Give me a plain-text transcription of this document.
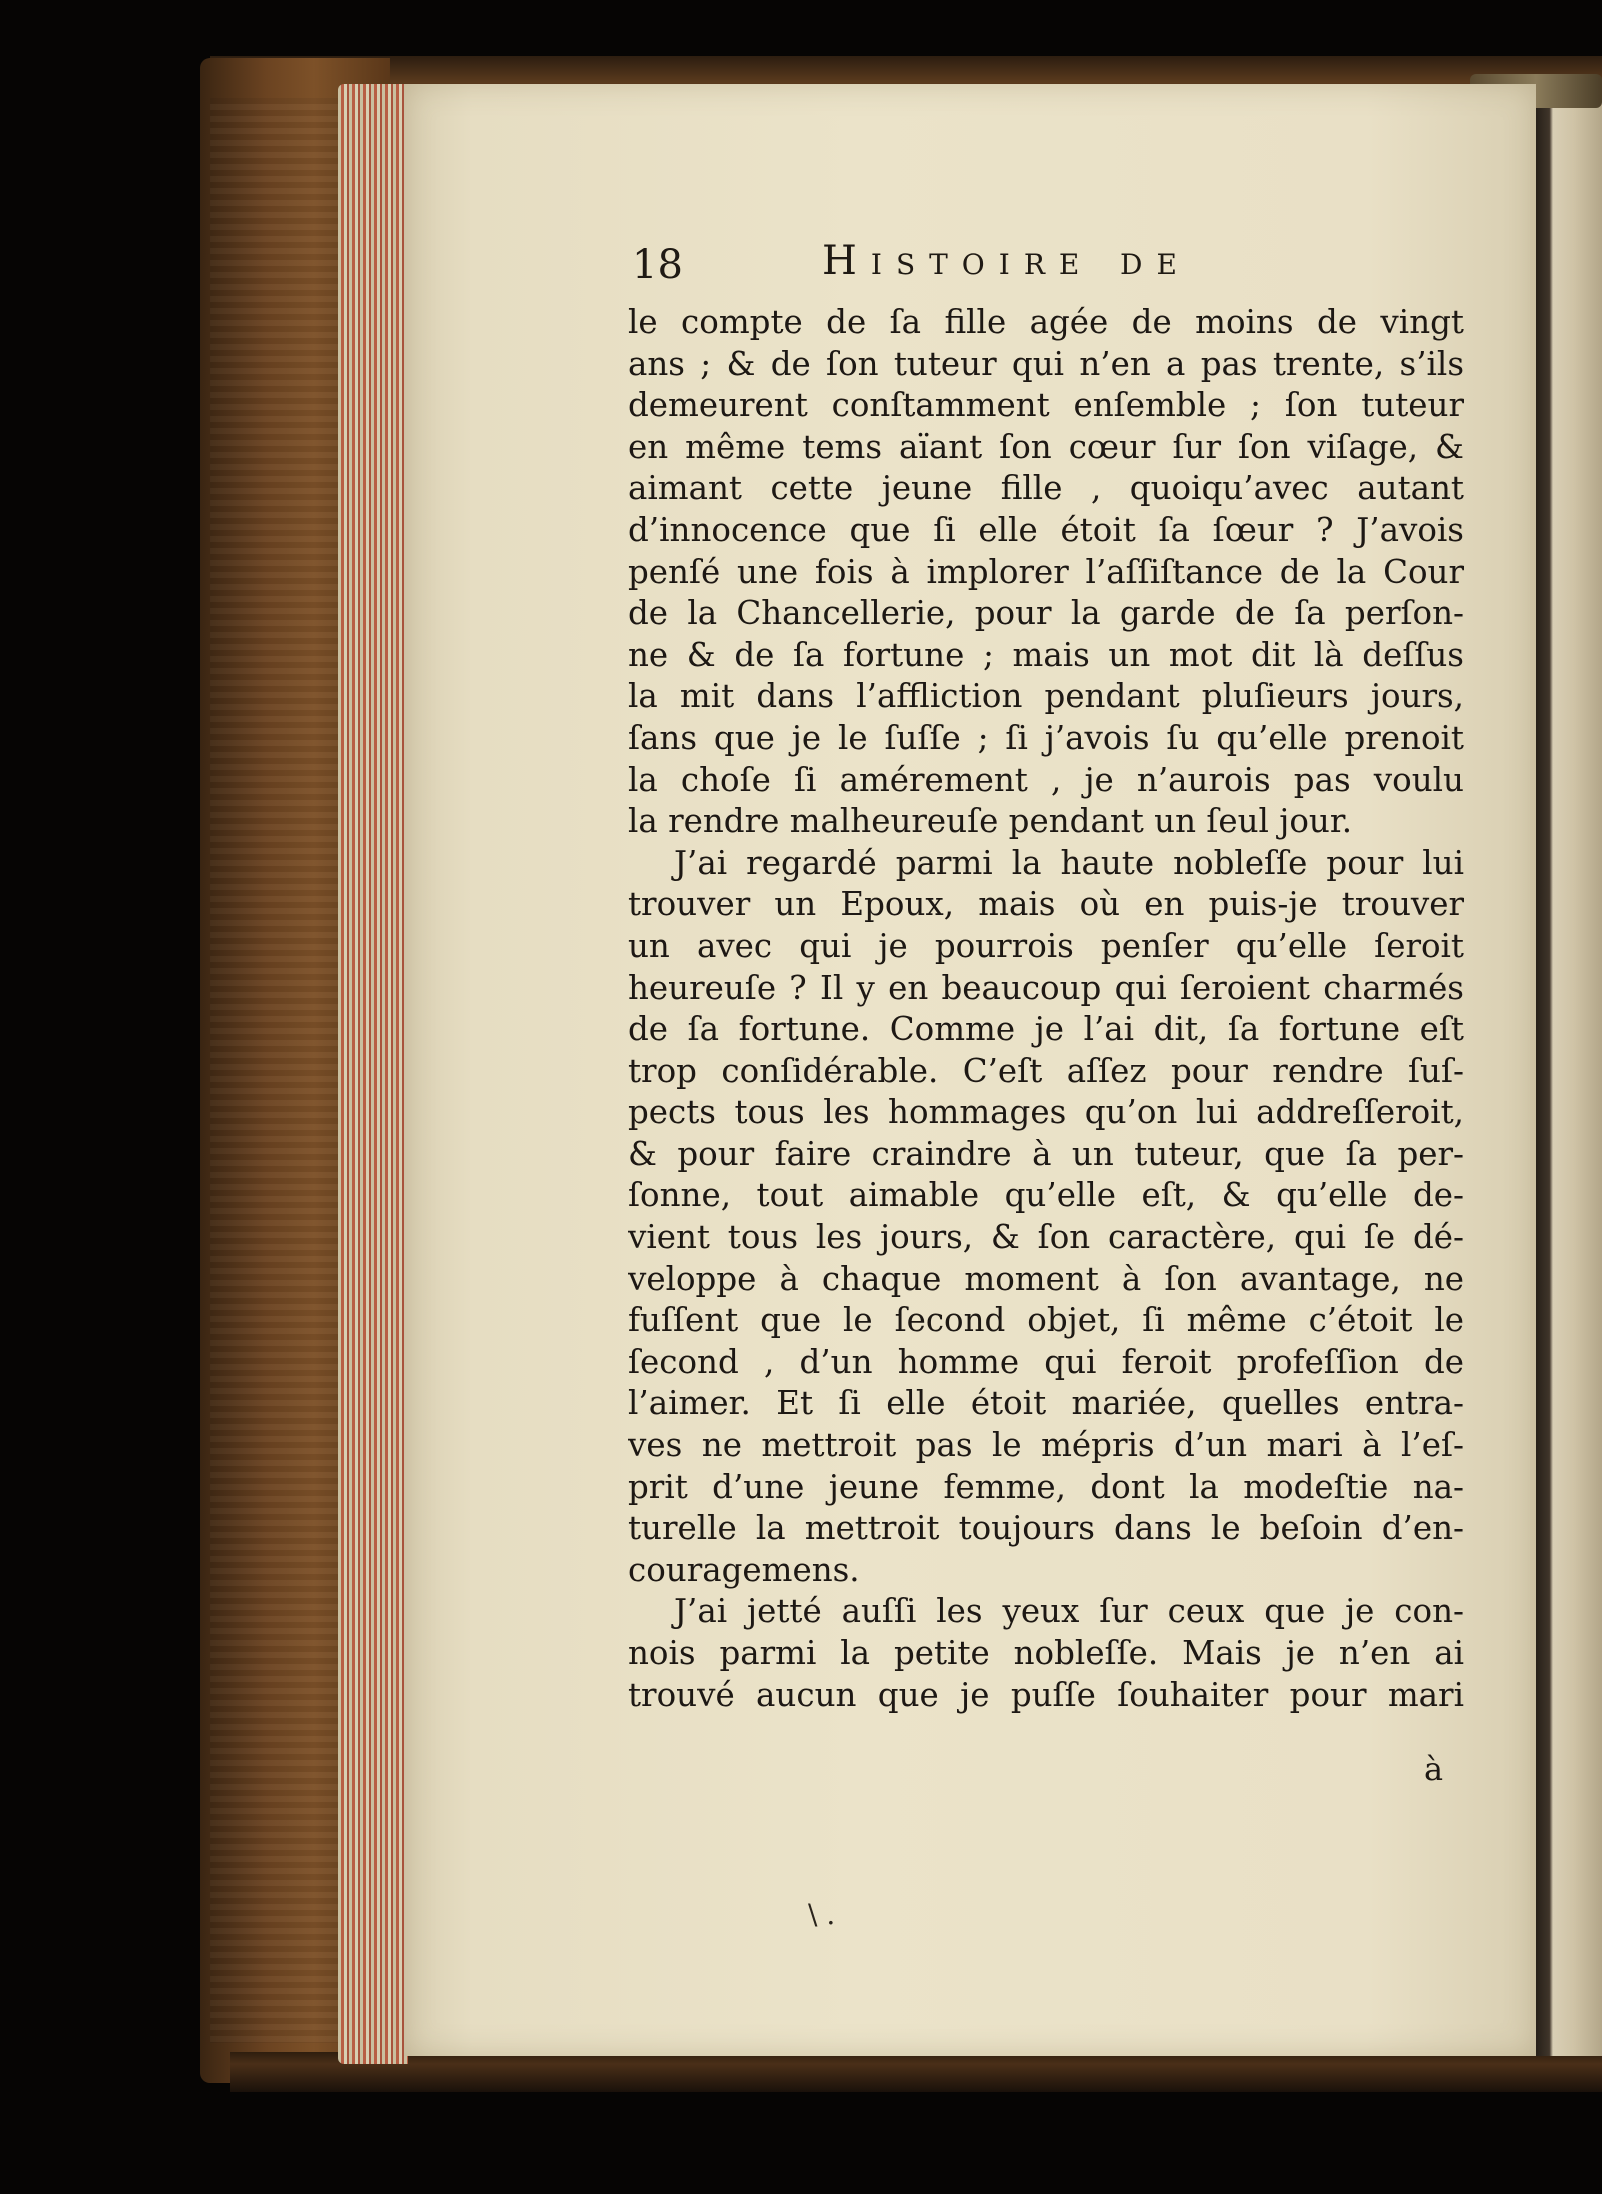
18	Histoire de
le compte de ſa fille agée de moins de vingt
ans ; & de ſon tuteur qui n’en a pas trente, s’ils
demeurent conſtamment enſemble ; ſon tuteur
en même tems aïant ſon cœur ſur ſon viſage, &
aimant cette jeune fille , quoiqu’avec autant
d’innocence que ſi elle étoit ſa ſœur ? J’avois
penſé une fois à implorer l’aſſiſtance de la Cour
de la Chancellerie, pour la garde de ſa perſon-
ne & de ſa fortune ; mais un mot dit là deſſus
la mit dans l’affliction pendant pluſieurs jours,
ſans que je le ſuſſe ; ſi j’avois ſu qu’elle prenoit
la choſe ſi amérement , je n’aurois pas voulu
la rendre malheureuſe pendant un ſeul jour.
J’ai regardé parmi la haute nobleſſe pour lui
trouver un Epoux, mais où en puis-je trouver
un avec qui je pourrois penſer qu’elle ſeroit
heureuſe ? Il y en beaucoup qui ſeroient charmés
de ſa fortune. Comme je l’ai dit, ſa fortune eſt
trop conſidérable. C’eſt aſſez pour rendre ſuſ-
pects tous les hommages qu’on lui addreſſeroit,
& pour faire craindre à un tuteur, que ſa per-
ſonne, tout aimable qu’elle eſt, & qu’elle de-
vient tous les jours, & ſon caractère, qui ſe dé-
veloppe à chaque moment à ſon avantage, ne
fuſſent que le ſecond objet, ſi même c’étoit le
ſecond , d’un homme qui feroit profeſſion de
l’aimer. Et ſi elle étoit mariée, quelles entra-
ves ne mettroit pas le mépris d’un mari à l’eſ-
prit d’une jeune femme, dont la modeſtie na-
turelle la mettroit toujours dans le beſoin d’en-
couragemens.
J’ai jetté auſſi les yeux ſur ceux que je con-
nois parmi la petite nobleſſe. Mais je n’en ai
trouvé aucun que je puſſe ſouhaiter pour mari
à
\ .
